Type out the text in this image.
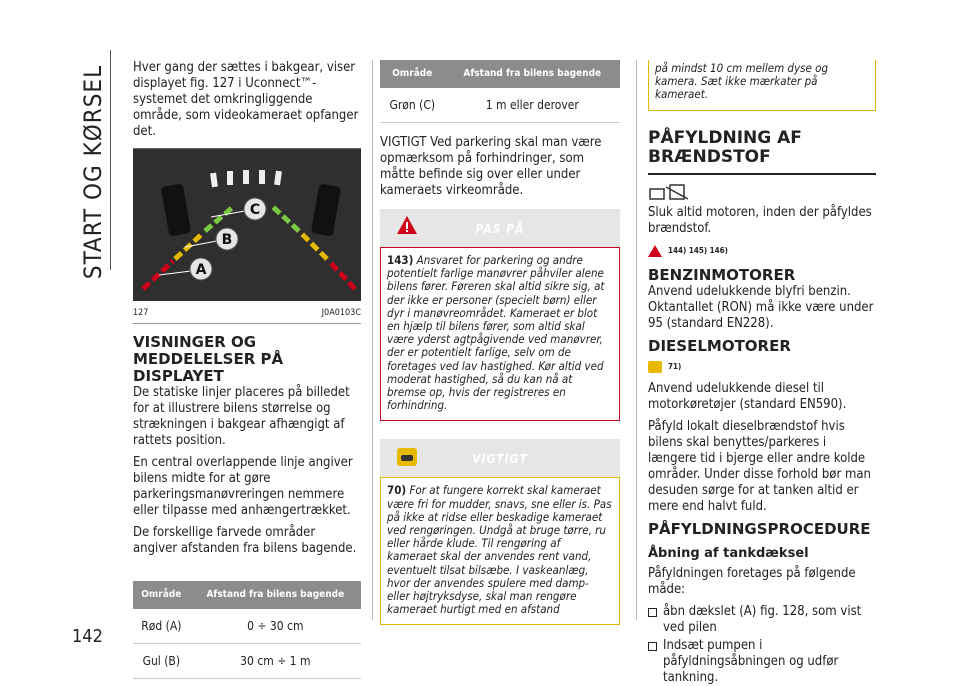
START OG KØRSEL
142

Hver gang der sættes i bakgear, viser displayet fig. 127 i Uconnect™-systemet det omkringliggende område, som videokameraet opfanger det.

C
B
A
127	J0A0103C
VISNINGER OG MEDDELELSER PÅ DISPLAYET

De statiske linjer placeres på billedet for at illustrere bilens størrelse og strækningen i bakgear afhængigt af rattets position.

En central overlappende linje angiver bilens midte for at gøre parkeringsmanøvreringen nemmere eller tilpasse med anhængertrækket.

De forskellige farvede områder angiver afstanden fra bilens bagende.

Område	Afstand fra bilens bagende
Rød (A)	0 ÷ 30 cm
Gul (B)	30 cm ÷ 1 m
Område	Afstand fra bilens bagende
Grøn (C)	1 m eller derover

VIGTIGT Ved parkering skal man være opmærksom på forhindringer, som måtte befinde sig over eller under kameraets virkeområde.

PAS PÅ
143) Ansvaret for parkering og andre potentielt farlige manøvrer påhviler alene bilens fører. Føreren skal altid sikre sig, at der ikke er personer (specielt børn) eller dyr i manøvreområdet. Kameraet er blot en hjælp til bilens fører, som altid skal være yderst agtpågivende ved manøvrer, der er potentielt farlige, selv om de foretages ved lav hastighed. Kør altid ved moderat hastighed, så du kan nå at bremse op, hvis der registreres en forhindring.
VIGTIGT
70) For at fungere korrekt skal kameraet være fri for mudder, snavs, sne eller is. Pas på ikke at ridse eller beskadige kameraet ved rengøringen. Undgå at bruge tørre, ru eller hårde klude. Til rengøring af kameraet skal der anvendes rent vand, eventuelt tilsat bilsæbe. I vaskeanlæg, hvor der anvendes spulere med damp- eller højtryksdyse, skal man rengøre kameraet hurtigt med en afstand
på mindst 10 cm mellem dyse og kamera. Sæt ikke mærkater på kameraet.
PÅFYLDNING AF BRÆNDSTOF

Sluk altid motoren, inden der påfyldes brændstof.

144) 145) 146)
BENZINMOTORER

Anvend udelukkende blyfri benzin. Oktantallet (RON) må ikke være under 95 (standard EN228).

DIESELMOTORER
71)

Anvend udelukkende diesel til motorkøretøjer (standard EN590).

Påfyld lokalt dieselbrændstof hvis bilens skal benyttes/parkeres i længere tid i bjerge eller andre kolde områder. Under disse forhold bør man desuden sørge for at tanken altid er mere end halvt fuld.

PÅFYLDNINGSPROCEDURE
Åbning af tankdæksel

Påfyldningen foretages på følgende måde:

åbn dækslet (A) fig. 128, som vist ved pilen
Indsæt pumpen i påfyldningsåbningen og udfør tankning.
